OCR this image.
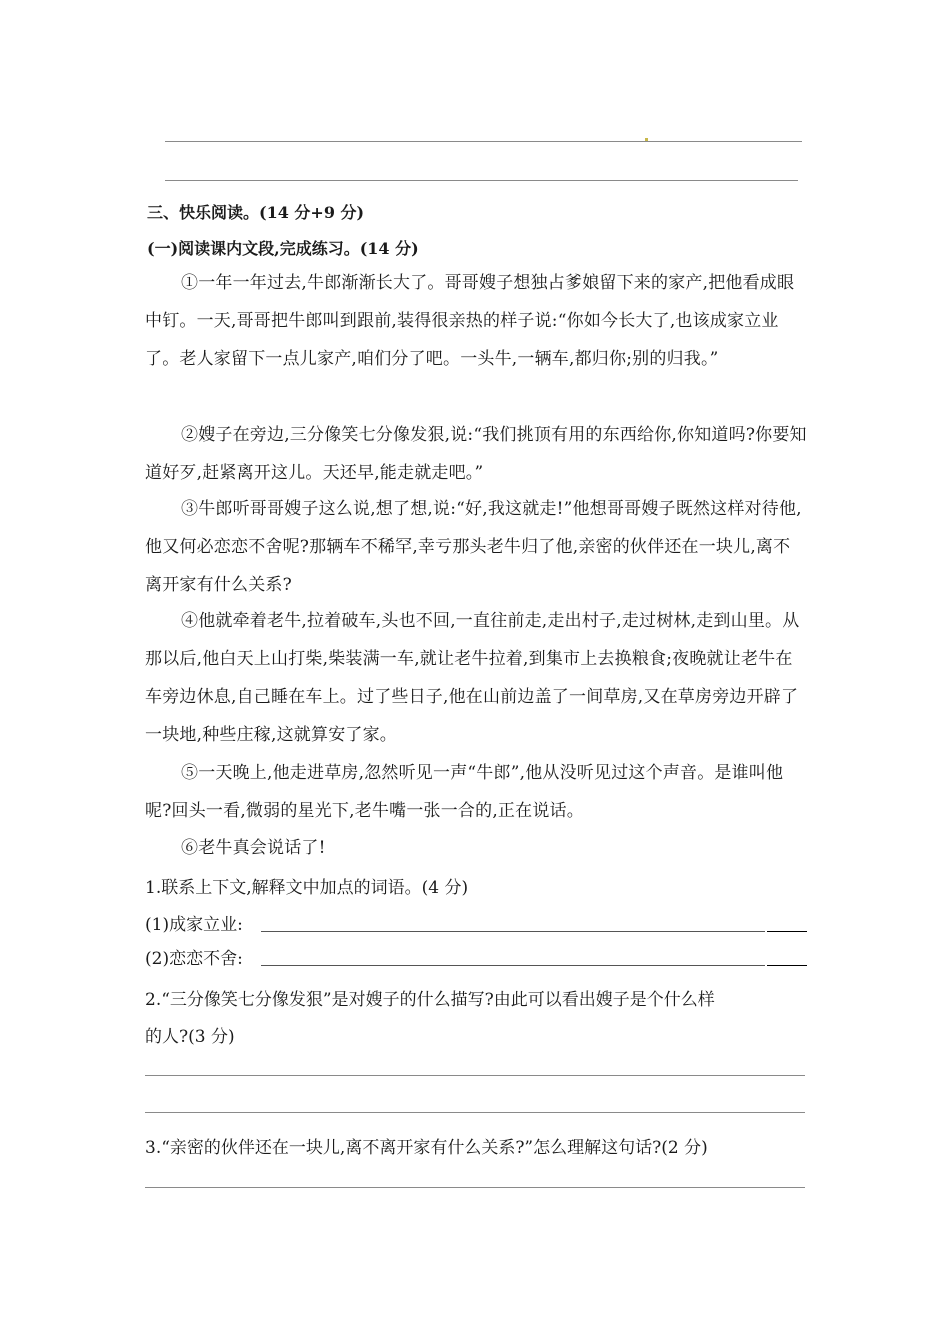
三、快乐阅读。(14 分+9 分)
(一)阅读课内文段,完成练习。(14 分)
①一年一年过去,牛郎渐渐长大了。哥哥嫂子想独占爹娘留下来的家产,把他看成眼中钉。一天,哥哥把牛郎叫到跟前,装得很亲热的样子说:“你如今长大了,也该成家立业了。老人家留下一点儿家产,咱们分了吧。一头牛,一辆车,都归你;别的归我。”
②嫂子在旁边,三分像笑七分像发狠,说:“我们挑顶有用的东西给你,你知道吗?你要知道好歹,赶紧离开这儿。天还早,能走就走吧。”
③牛郎听哥哥嫂子这么说,想了想,说:“好,我这就走!”他想哥哥嫂子既然这样对待他,他又何必恋恋不舍呢?那辆车不稀罕,幸亏那头老牛归了他,亲密的伙伴还在一块儿,离不离开家有什么关系?
④他就牵着老牛,拉着破车,头也不回,一直往前走,走出村子,走过树林,走到山里。从那以后,他白天上山打柴,柴装满一车,就让老牛拉着,到集市上去换粮食;夜晚就让老牛在车旁边休息,自己睡在车上。过了些日子,他在山前边盖了一间草房,又在草房旁边开辟了一块地,种些庄稼,这就算安了家。
⑤一天晚上,他走进草房,忽然听见一声“牛郎”,他从没听见过这个声音。是谁叫他呢?回头一看,微弱的星光下,老牛嘴一张一合的,正在说话。
⑥老牛真会说话了!
1.联系上下文,解释文中加点的词语。(4 分)
(1)成家立业:
(2)恋恋不舍:
2.“三分像笑七分像发狠”是对嫂子的什么描写?由此可以看出嫂子是个什么样
的人?(3 分)
3.“亲密的伙伴还在一块儿,离不离开家有什么关系?”怎么理解这句话?(2 分)
